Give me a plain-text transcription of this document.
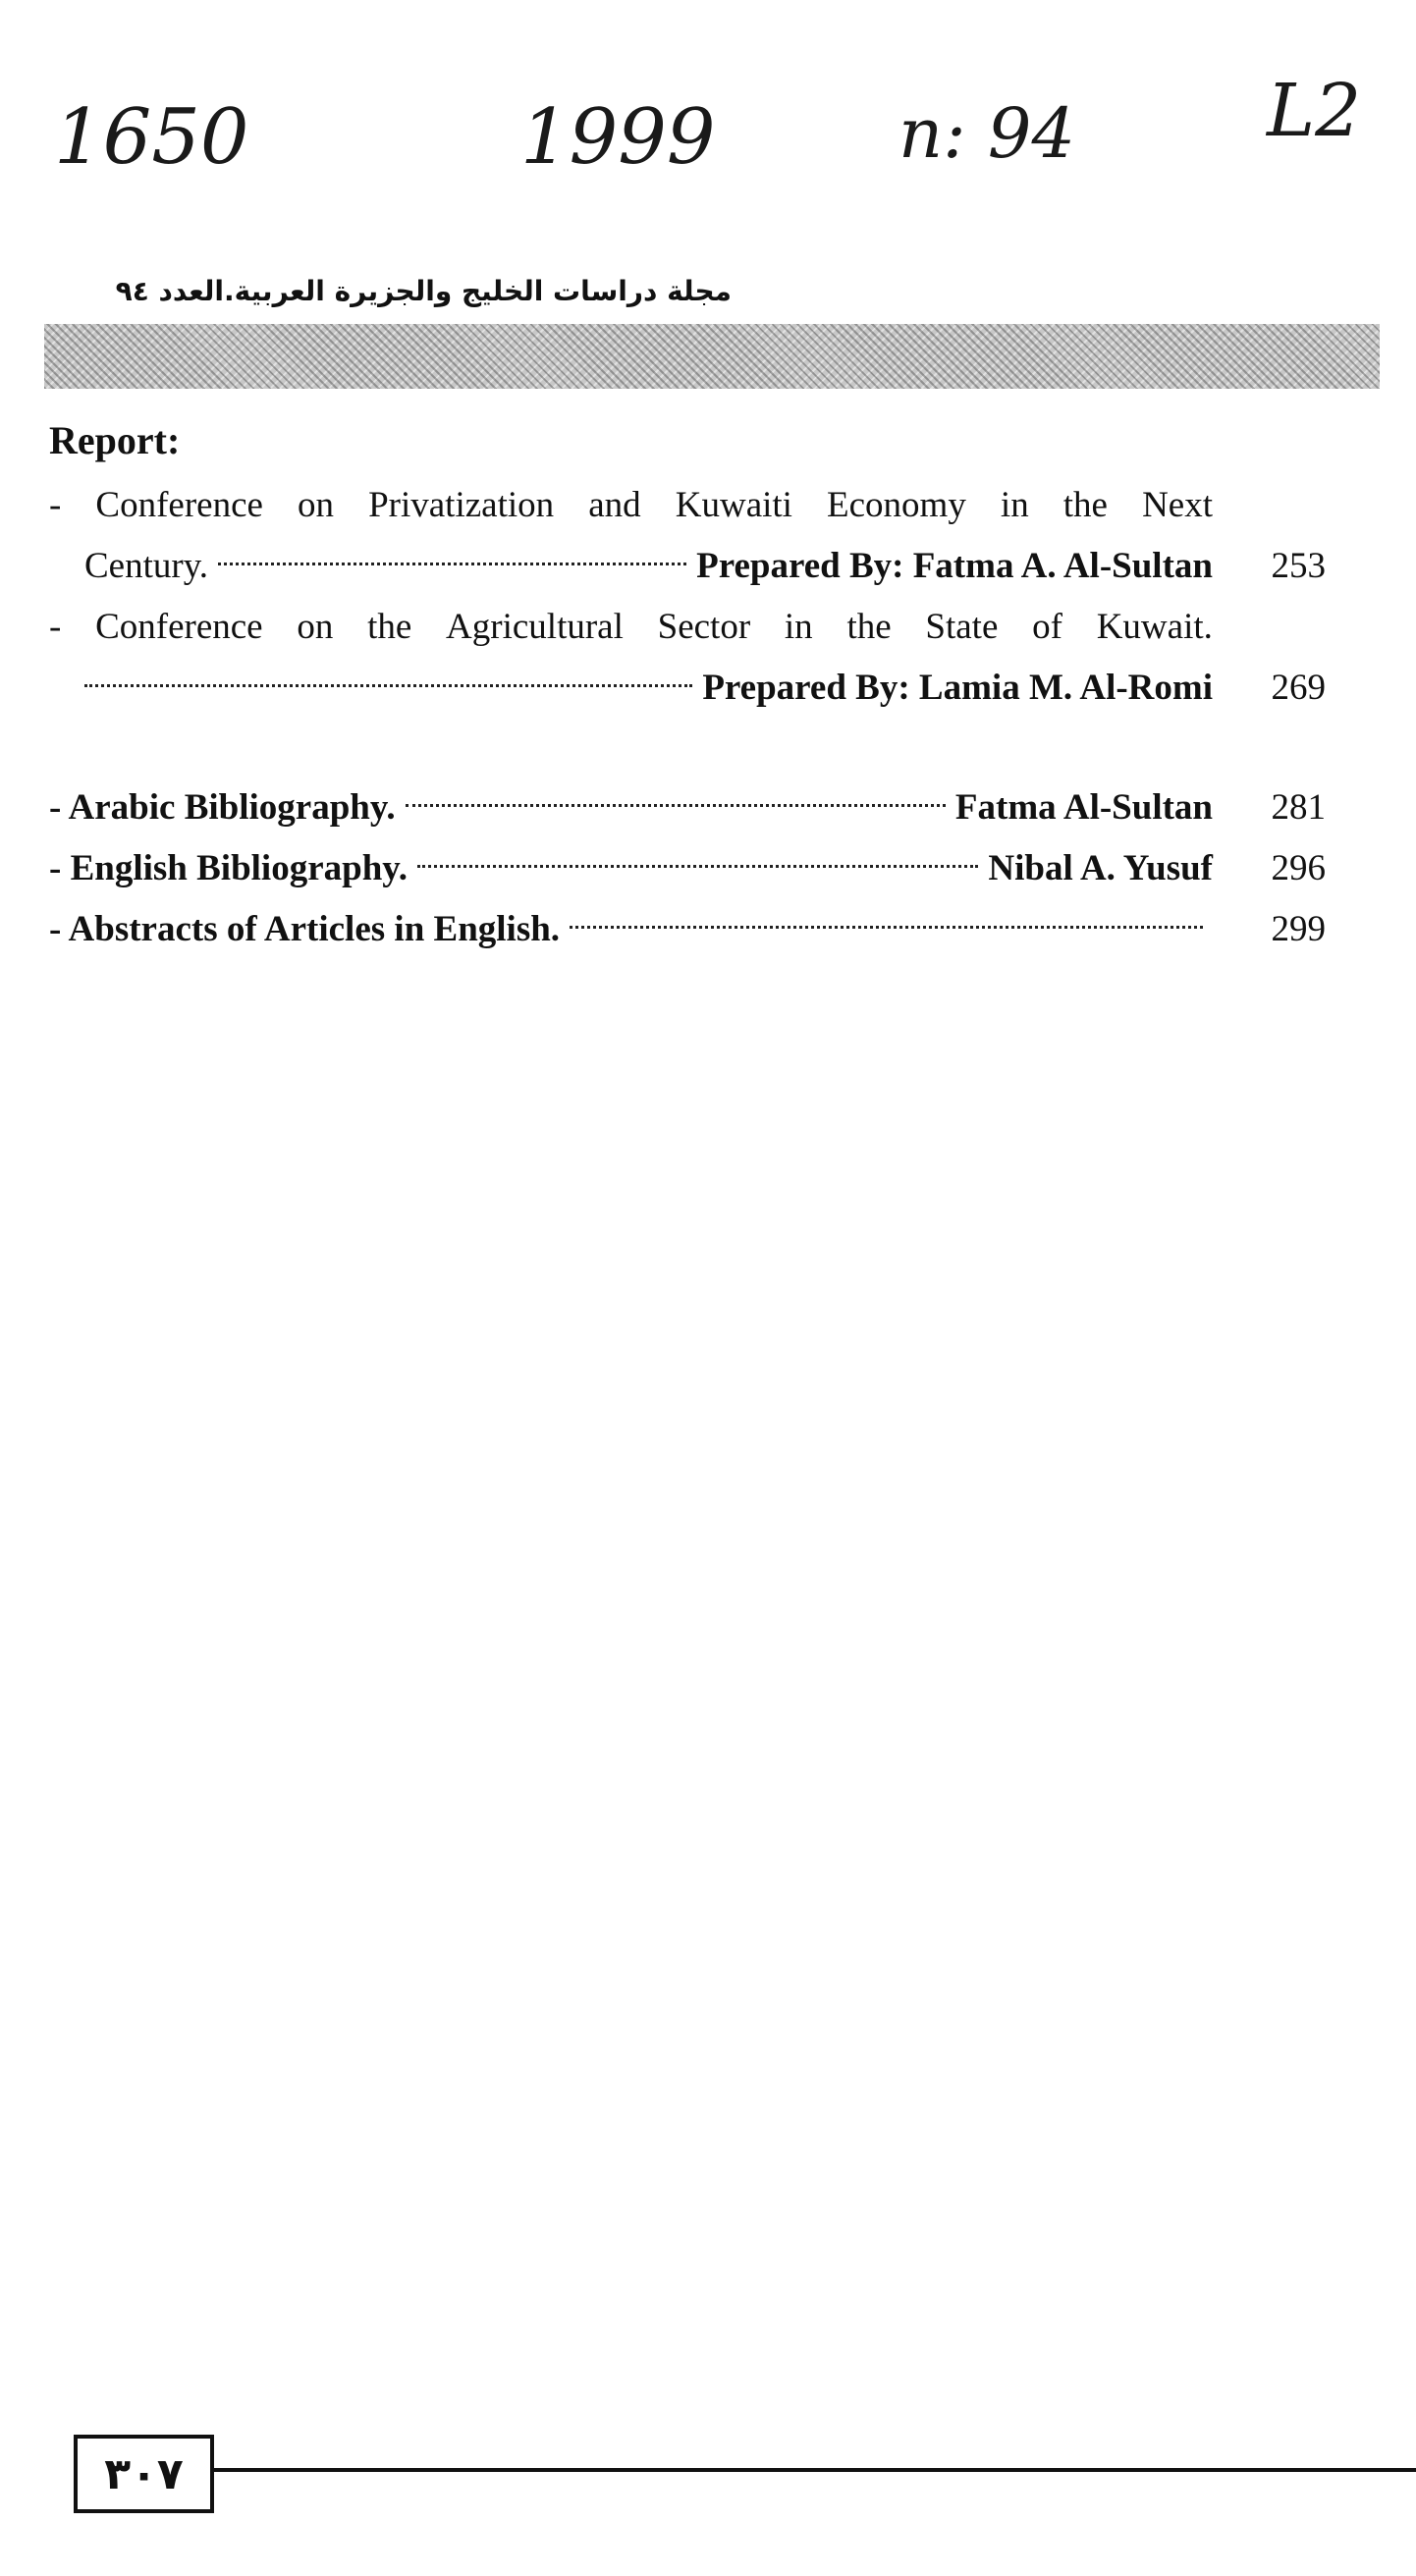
1650	1999	n: 94	L2
مجلة دراسات الخليج والجزيرة العربية.العدد ٩٤
Report:
- Conference on Privatization and Kuwaiti Economy in the Next
Century.	Prepared By: Fatma A. Al-Sultan	253
- Conference on the Agricultural Sector in the State of Kuwait.
Prepared By: Lamia M. Al-Romi	269
- Arabic Bibliography.	Fatma Al-Sultan	281
- English Bibliography.	Nibal A. Yusuf	296
- Abstracts of Articles in English.	299
٣٠٧
